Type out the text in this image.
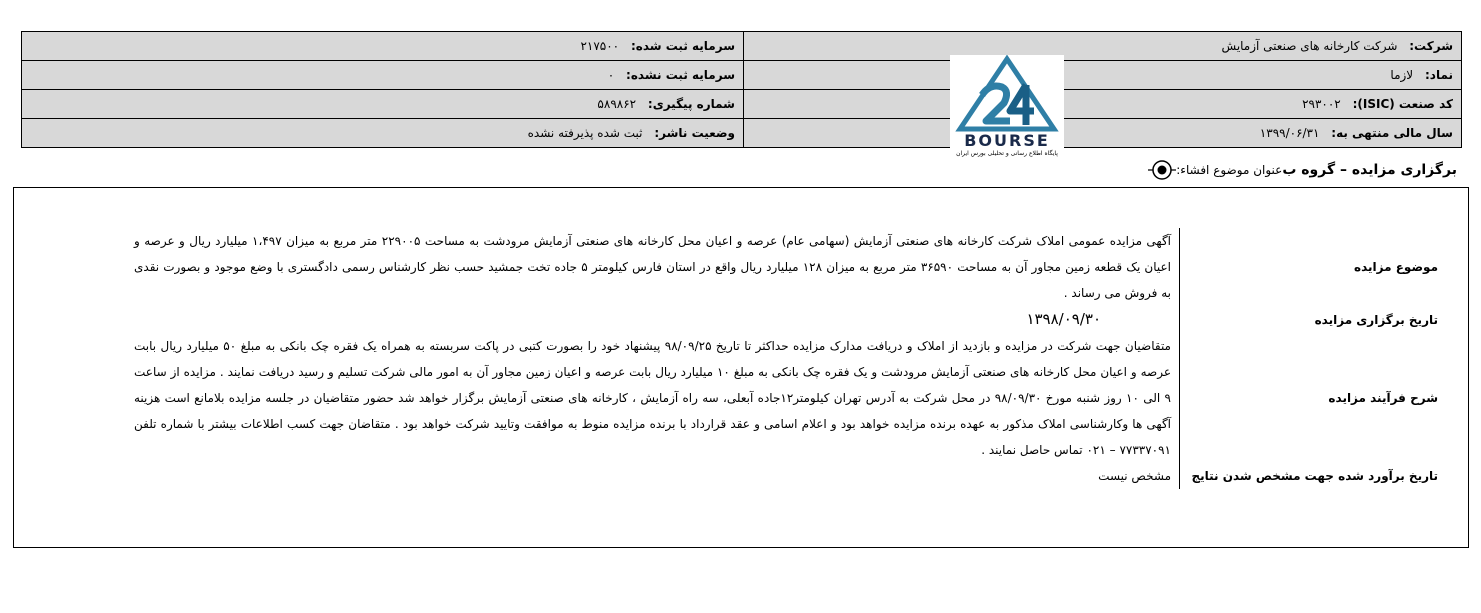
شرکت: شرکت کارخانه های صنعتی آزمایش	سرمایه ثبت شده: ۲۱۷۵۰۰
نماد: لازما	سرمایه ثبت نشده: ۰
کد صنعت (ISIC): ۲۹۳۰۰۲	شماره پیگیری: ۵۸۹۸۶۲
سال مالی منتهی به: ۱۳۹۹/۰۶/۳۱	وضعیت ناشر: ثبت شده پذیرفته نشده	BOURSE
پایگاه اطلاع رسانی و تحلیلی بورس ایران
عنوان موضوع افشاء: برگزاری مزایده – گروه ب
موضوع مزایده
آگهی مزایده عمومی املاک شرکت کارخانه های صنعتی آزمایش (سهامی عام) عرصه و اعیان محل کارخانه های صنعتی آزمایش مرودشت به مساحت ۲۲۹۰۰۵ متر مربع به میزان ۱،۴۹۷ میلیارد ریال و عرصه و اعیان یک قطعه زمین مجاور آن به مساحت ۳۶۵۹۰ متر مربع به میزان ۱۲۸ میلیارد ریال واقع در استان فارس کیلومتر ۵ جاده تخت جمشید حسب نظر کارشناس رسمی دادگستری با وضع موجود و بصورت نقدی به فروش می رساند .
تاریخ برگزاری مزایده
۱۳۹۸/۰۹/۳۰
شرح فرآیند مزایده
متقاضیان جهت شرکت در مزایده و بازدید از املاک و دریافت مدارک مزایده حداکثر تا تاریخ ۹۸/۰۹/۲۵ پیشنهاد خود را بصورت کتبی در پاکت سربسته به همراه یک فقره چک بانکی به مبلغ ۵۰ میلیارد ریال بابت عرصه و اعیان محل کارخانه های صنعتی آزمایش مرودشت و یک فقره چک بانکی به مبلغ ۱۰ میلیارد ریال بابت عرصه و اعیان زمین مجاور آن به امور مالی شرکت تسلیم و رسید دریافت نمایند . مزایده از ساعت ۹ الی ۱۰ روز شنبه مورخ ۹۸/۰۹/۳۰ در محل شرکت به آدرس تهران کیلومتر۱۲جاده آبعلی، سه راه آزمایش ، کارخانه های صنعتی آزمایش برگزار خواهد شد حضور متقاضیان در جلسه مزایده بلامانع است هزینه آگهی ها وکارشناسی املاک مذکور به عهده برنده مزایده خواهد بود و اعلام اسامی و عقد قرارداد با برنده مزایده منوط به موافقت وتایید شرکت خواهد بود . متقاضان جهت کسب اطلاعات بیشتر با شماره تلفن ۷۷۳۳۷۰۹۱ – ۰۲۱ تماس حاصل نمایند .
تاریخ برآورد شده جهت مشخص شدن نتایج
مشخص نیست
